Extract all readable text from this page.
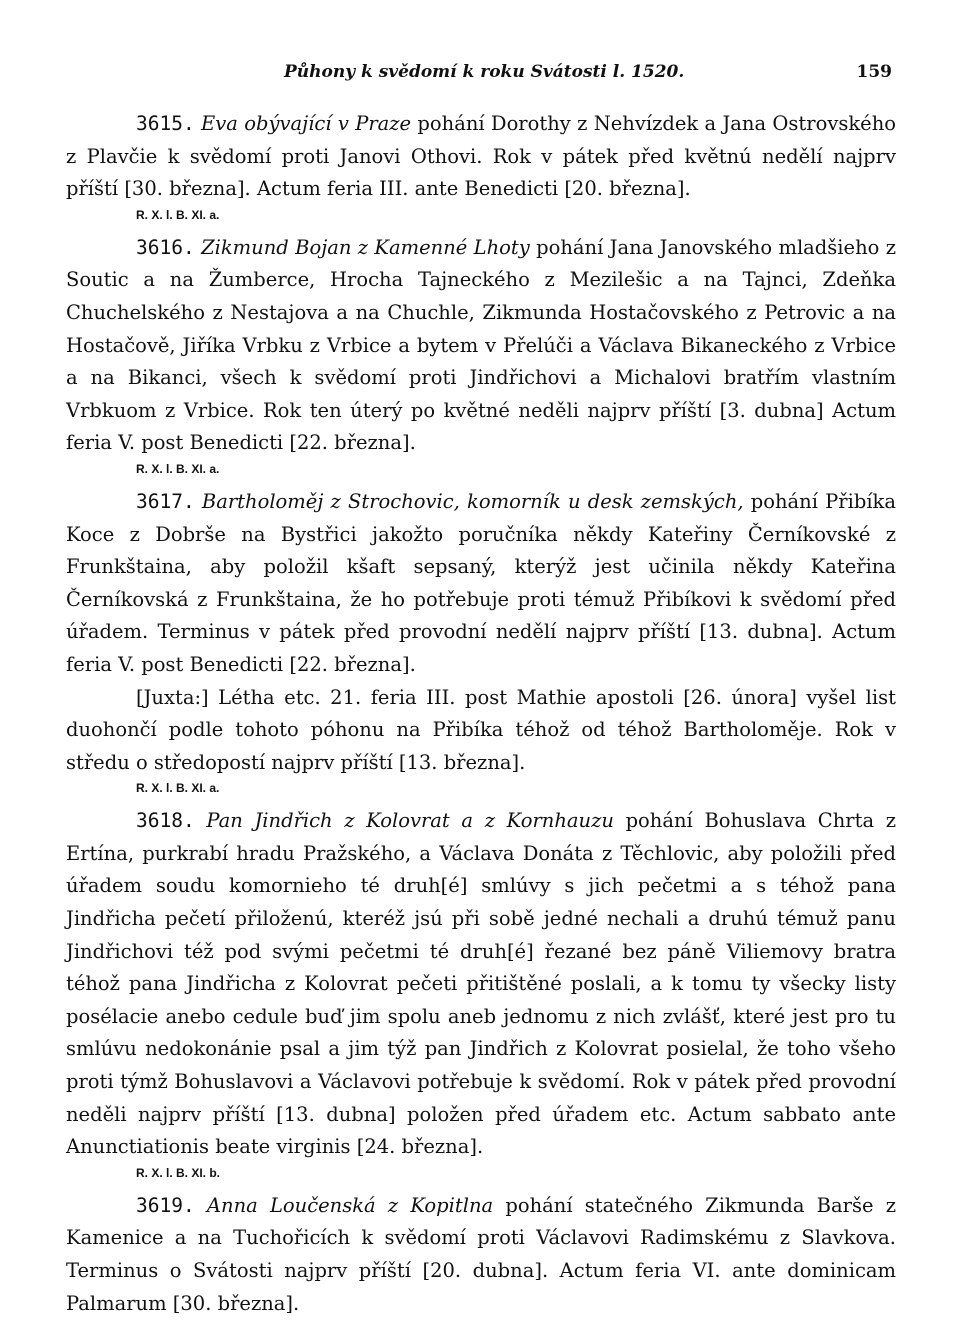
Půhony k svědomí k roku Svátosti l. 1520.	159

3615. Eva obývající v Praze pohání Dorothy z Nehvízdek a Jana Ostrovského z Plavčie k svědomí proti Janovi Othovi. Rok v pátek před květnú nedělí najprv příští [30. března]. Actum feria III. ante Benedicti [20. března].

R. X. l. B. XI. a.

3616. Zikmund Bojan z Kamenné Lhoty pohání Jana Janovského mladšieho z Soutic a na Žumberce, Hrocha Tajneckého z Mezilešic a na Tajnci, Zdeňka Chuchelského z Nestajova a na Chuchle, Zikmunda Hostačovského z Petrovic a na Hostačově, Jiříka Vrbku z Vrbice a bytem v Přelúči a Václava Bikaneckého z Vrbice a na Bikanci, všech k svědomí proti Jindřichovi a Michalovi bratřím vlastním Vrbkuom z Vrbice. Rok ten úterý po květné neděli najprv příští [3. dubna] Actum feria V. post Benedicti [22. března].

R. X. l. B. XI. a.

3617. Bartholoměj z Strochovic, komorník u desk zemských, pohání Přibíka Koce z Dobrše na Bystřici jakožto poručníka někdy Kateřiny Černíkovské z Frunkštaina, aby položil kšaft sepsaný, kterýž jest učinila někdy Kateřina Černíkovská z Frunkštaina, že ho potřebuje proti témuž Přibíkovi k svědomí před úřadem. Terminus v pátek před provodní nedělí najprv příští [13. dubna]. Actum feria V. post Benedicti [22. března].

[Juxta:] Létha etc. 21. feria III. post Mathie apostoli [26. února] vyšel list duohončí podle tohoto póhonu na Přibíka téhož od téhož Bartholoměje. Rok v středu o středopostí najprv příští [13. března].

R. X. l. B. XI. a.

3618. Pan Jindřich z Kolovrat a z Kornhauzu pohání Bohuslava Chrta z Ertína, purkrabí hradu Pražského, a Václava Donáta z Těchlovic, aby položili před úřadem soudu komornieho té druh[é] smlúvy s jich pečetmi a s téhož pana Jindřicha pečetí přiloženú, kteréž jsú při sobě jedné nechali a druhú témuž panu Jindřichovi též pod svými pečetmi té druh[é] řezané bez páně Viliemovy bratra téhož pana Jindřicha z Kolovrat pečeti přitištěné poslali, a k tomu ty všecky listy posélacie anebo cedule buď jim spolu aneb jednomu z nich zvlášť, které jest pro tu smlúvu nedokonánie psal a jim týž pan Jindřich z Kolovrat posielal, že toho všeho proti týmž Bohuslavovi a Václavovi potřebuje k svědomí. Rok v pátek před provodní neděli najprv příští [13. dubna] položen před úřadem etc. Actum sabbato ante Anunctiationis beate virginis [24. března].

R. X. l. B. XI. b.

3619. Anna Loučenská z Kopitlna pohání statečného Zikmunda Barše z Kamenice a na Tuchořicích k svědomí proti Václavovi Radimskému z Slavkova. Terminus o Svátosti najprv příští [20. dubna]. Actum feria VI. ante dominicam Palmarum [30. března].
